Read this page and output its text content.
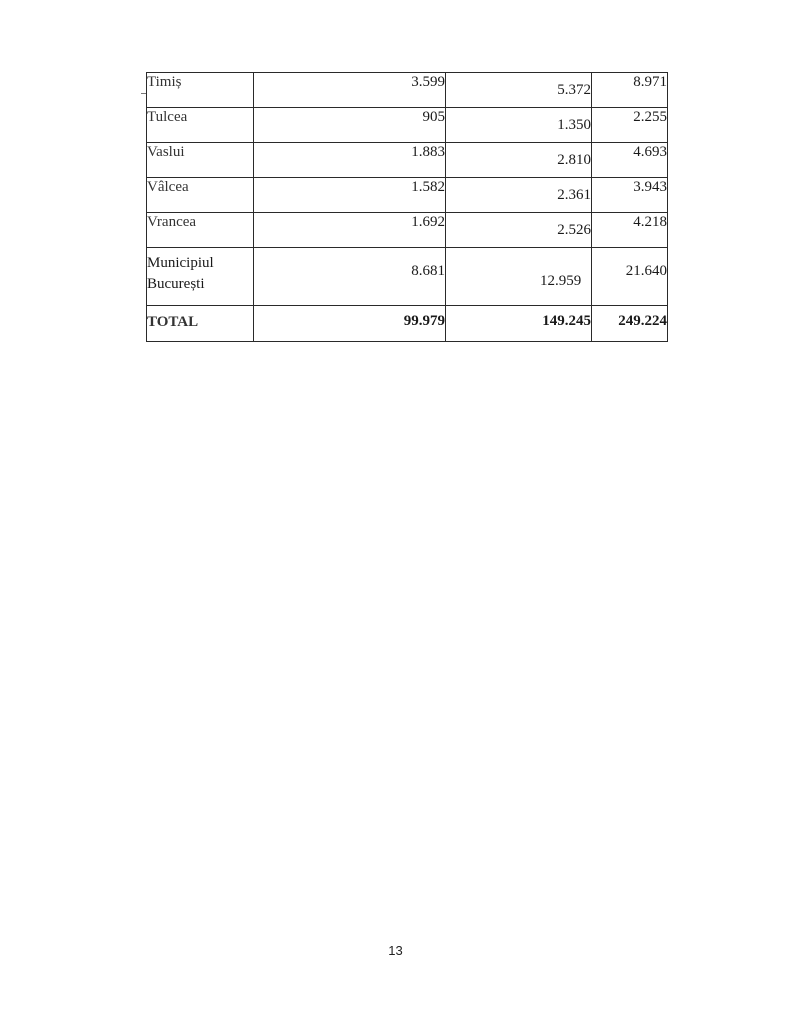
Timiș	3.599	5.372	8.971
Tulcea	905	1.350	2.255
Vaslui	1.883	2.810	4.693
Vâlcea	1.582	2.361	3.943
Vrancea	1.692	2.526	4.218

Municipiul
București	8.681	12.959	21.640
TOTAL	99.979	149.245	249.224
13
